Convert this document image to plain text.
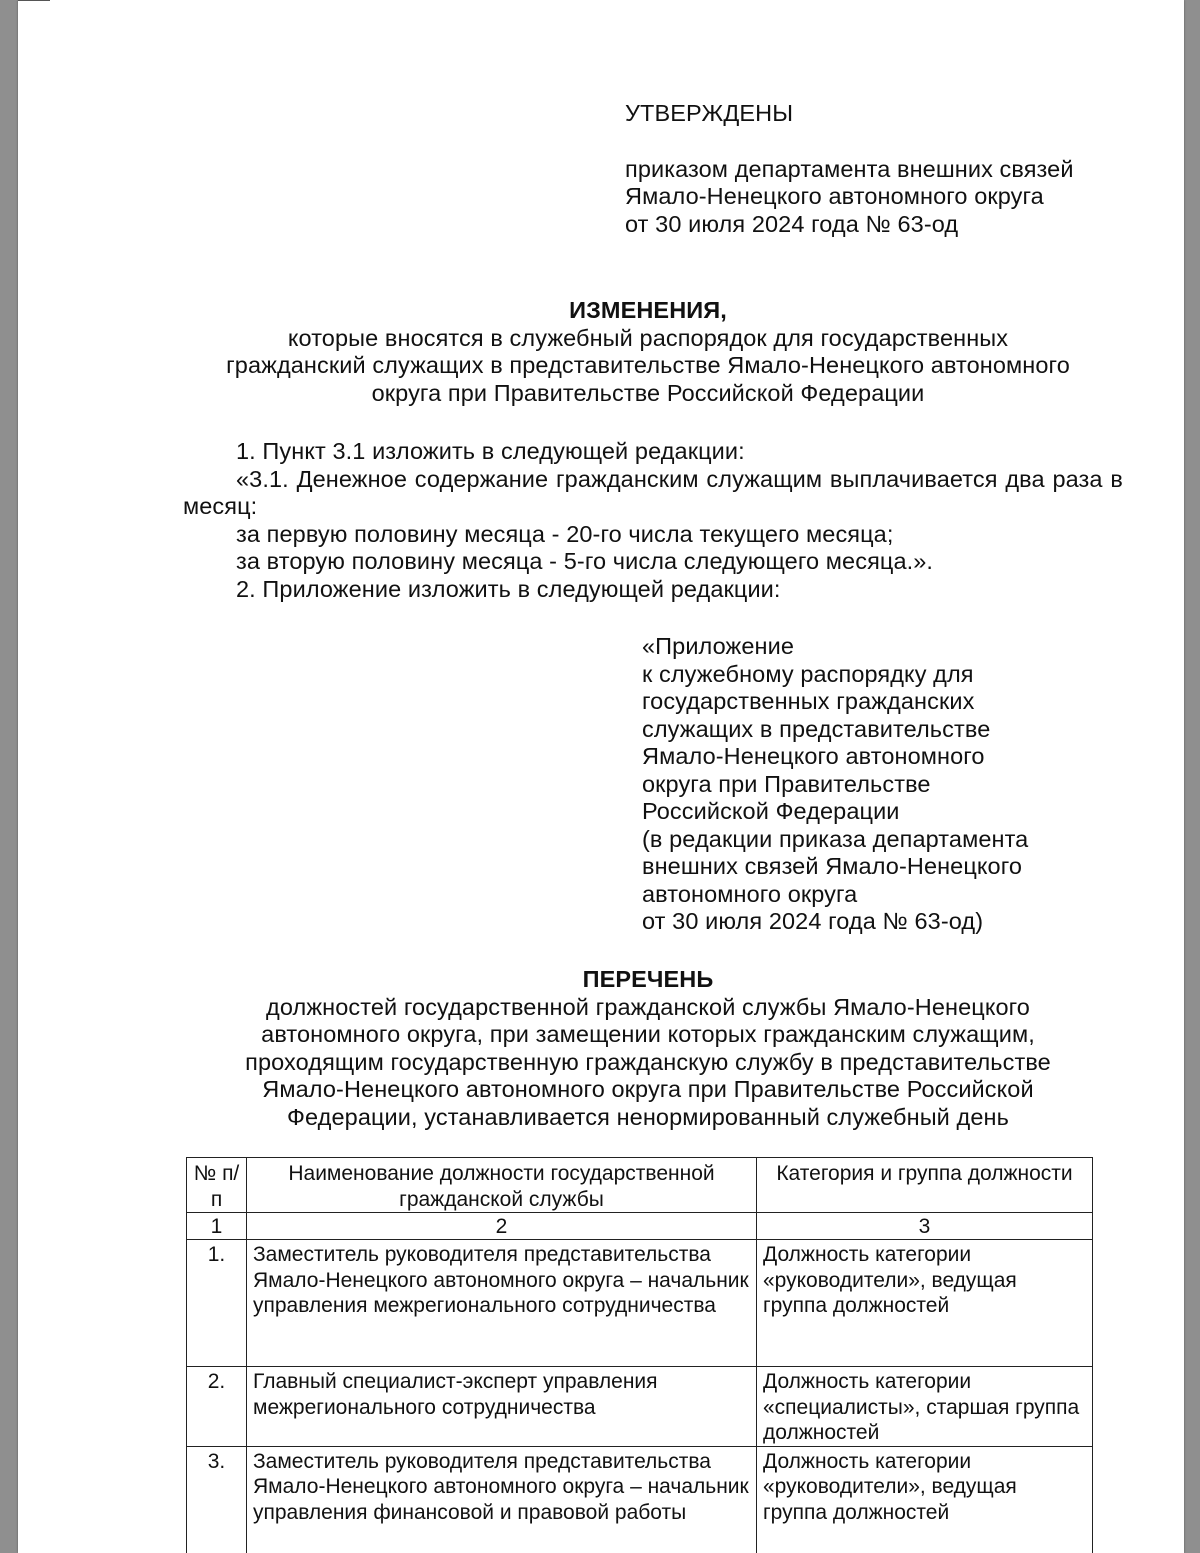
УТВЕРЖДЕНЫ
приказом департамента внешних связей
Ямало-Ненецкого автономного округа
от 30 июля 2024 года № 63-од
ИЗМЕНЕНИЯ,
которые вносятся в служебный распорядок для государственных
гражданский служащих в представительстве Ямало-Ненецкого автономного
округа при Правительстве Российской Федерации

1. Пункт 3.1 изложить в следующей редакции:

«3.1. Денежное содержание гражданским служащим выплачивается два раза в месяц:

за первую половину месяца - 20-го числа текущего месяца;

за вторую половину месяца - 5-го числа следующего месяца.».

2. Приложение изложить в следующей редакции:

«Приложение
к служебному распорядку для
государственных гражданских
служащих в представительстве
Ямало-Ненецкого автономного
округа при Правительстве
Российской Федерации
(в редакции приказа департамента
внешних связей Ямало-Ненецкого
автономного округа
от 30 июля 2024 года № 63-од)
ПЕРЕЧЕНЬ
должностей государственной гражданской службы Ямало-Ненецкого
автономного округа, при замещении которых гражданским служащим,
проходящим государственную гражданскую службу в представительстве
Ямало-Ненецкого автономного округа при Правительстве Российской
Федерации, устанавливается ненормированный служебный день
№ п/п	Наименование должности государственной гражданской службы	Категория и группа должности
1	2	3
1.	Заместитель руководителя представительства Ямало-Ненецкого автономного округа – начальник управления межрегионального сотрудничества	Должность категории «руководители», ведущая группа должностей
2.	Главный специалист-эксперт управления межрегионального сотрудничества	Должность категории «специалисты», старшая группа должностей
3.	Заместитель руководителя представительства Ямало-Ненецкого автономного округа – начальник управления финансовой и правовой работы	Должность категории «руководители», ведущая группа должностей
